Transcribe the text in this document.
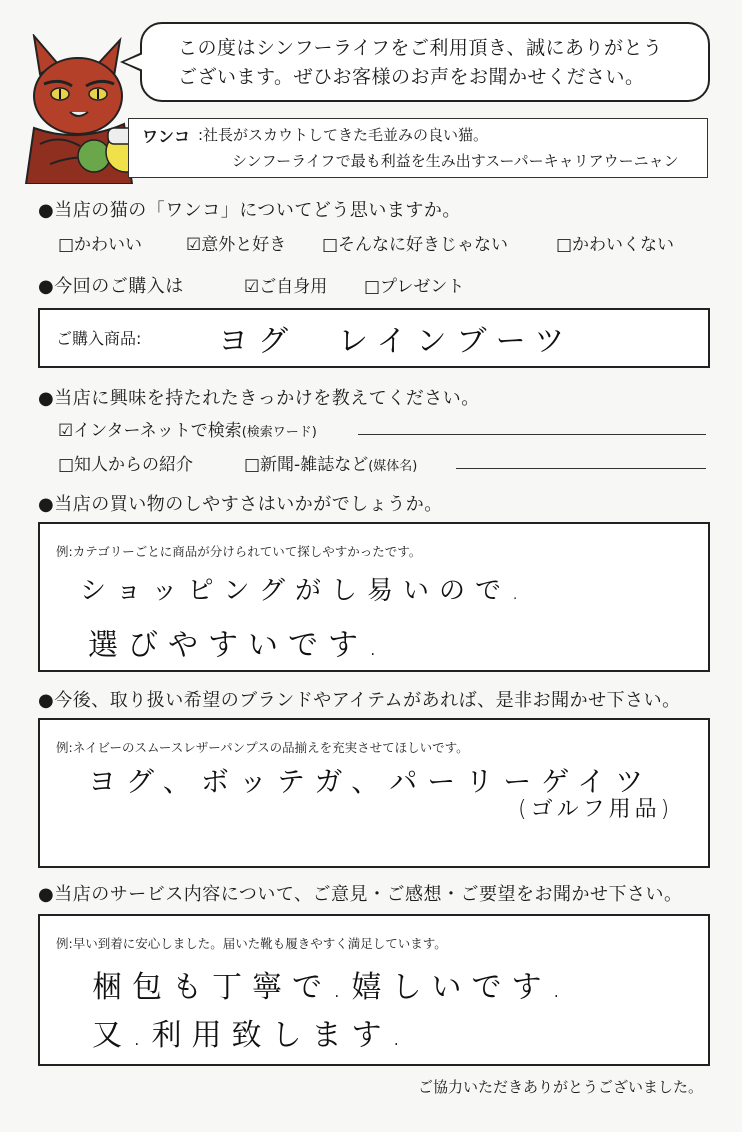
この度はシンフーライフをご利用頂き、誠にありがとう
ございます。ぜひお客様のお声をお聞かせください。
ワンコ :社長がスカウトしてきた毛並みの良い猫。
シンフーライフで最も利益を生み出すスーパーキャリアウーニャン
●当店の猫の「ワンコ」についてどう思いますか。
□かわいい	☑意外と好き □そんなに好きじゃない	□かわいくない
●今回のご購入は	☑ご自身用 □プレゼント
ご購入商品:	ヨグ　レインブーツ
●当店に興味を持たれたきっかけを教えてください。
☑インターネットで検索(検索ワード)
□知人からの紹介	□新聞-雑誌など(媒体名)
●当店の買い物のしやすさはいかがでしょうか。
例:カテゴリーごとに商品が分けられていて探しやすかったです。
ショッピングがし易いので.
選びやすいです.
●今後、取り扱い希望のブランドやアイテムがあれば、是非お聞かせ下さい。
例:ネイビーのスムースレザーパンプスの品揃えを充実させてほしいです。
ヨグ、ボッテガ、パーリーゲイツ
(ゴルフ用品)
●当店のサービス内容について、ご意見・ご感想・ご要望をお聞かせ下さい。
例:早い到着に安心しました。届いた靴も履きやすく満足しています。
梱包も丁寧で.嬉しいです.
又.利用致します.
ご協力いただきありがとうございました。
